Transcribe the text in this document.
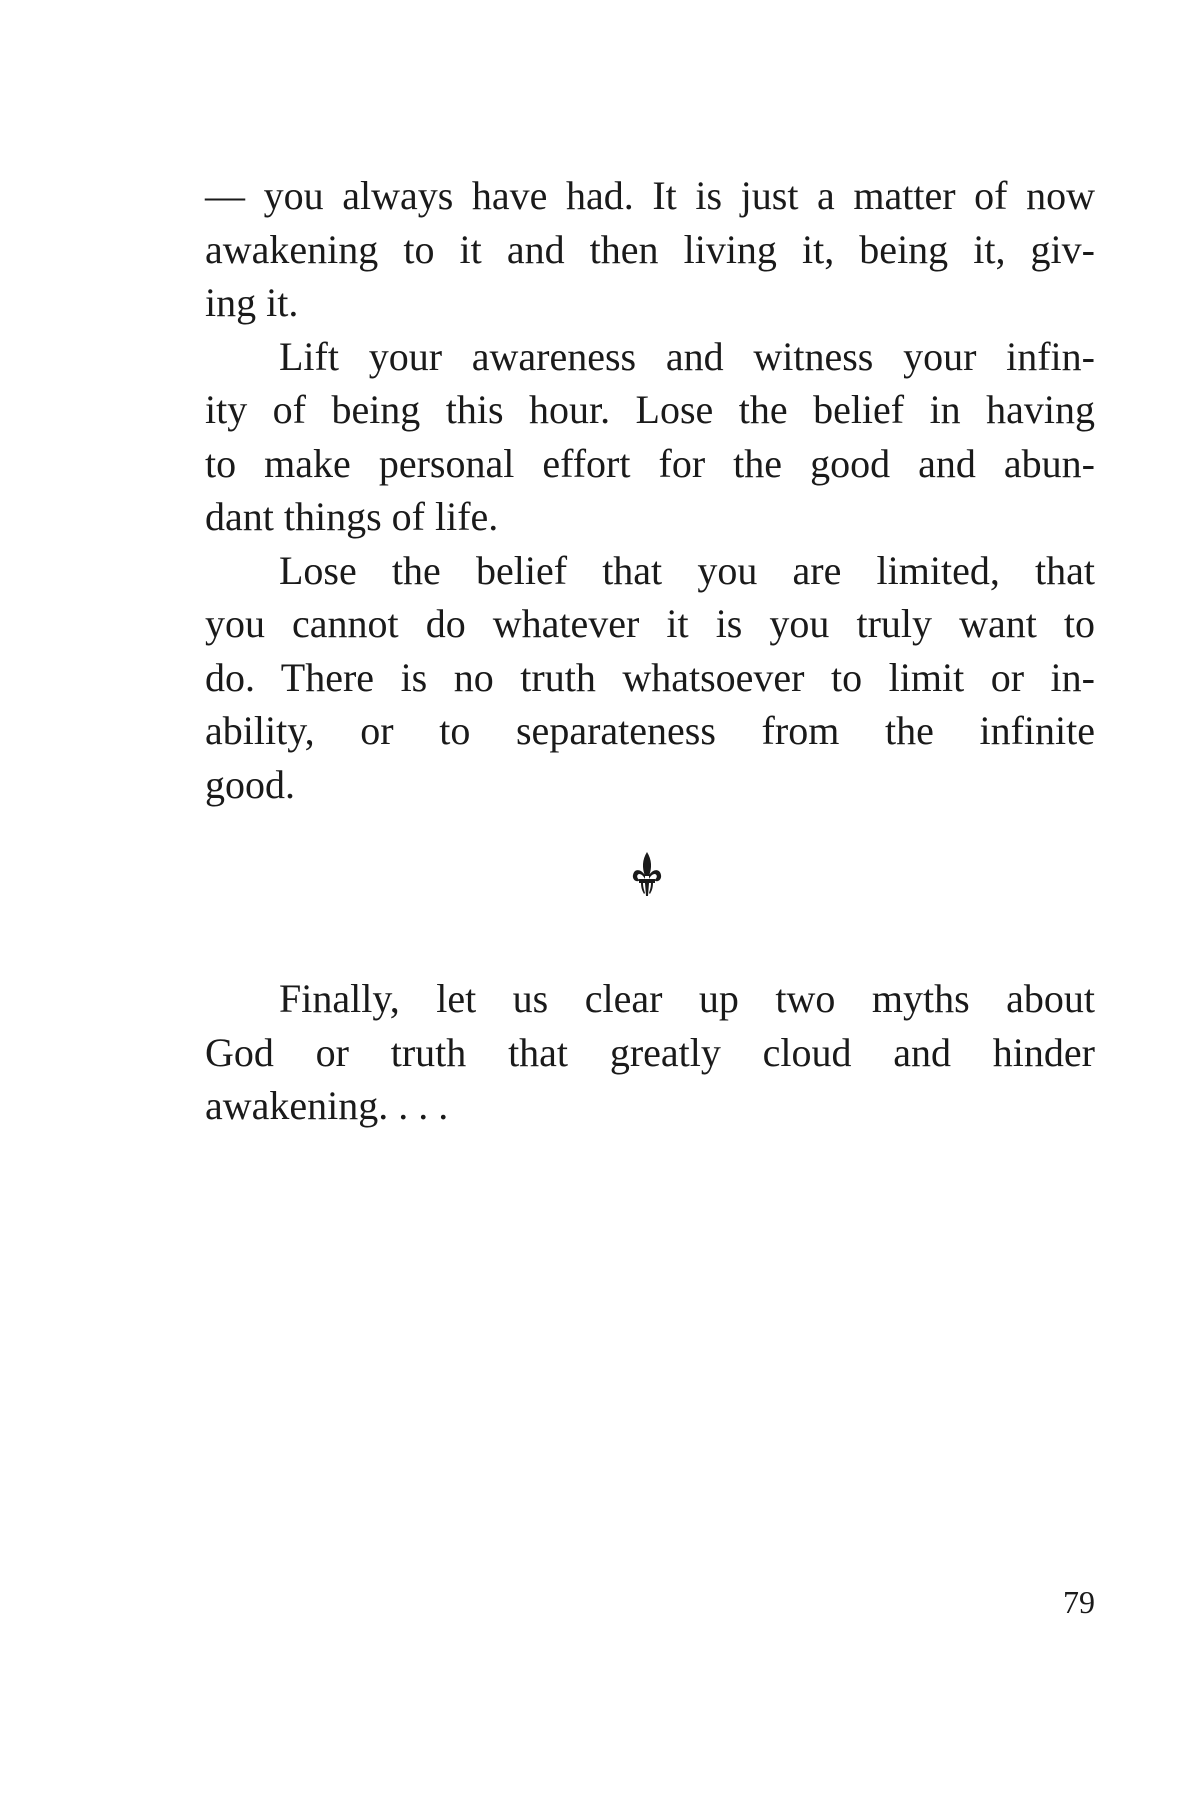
— you always have had. It is just a matter of now
awakening to it and then living it, being it, giv-
ing it.
Lift your awareness and witness your infin-
ity of being this hour. Lose the belief in having
to make personal effort for the good and abun-
dant things of life.
Lose the belief that you are limited, that
you cannot do whatever it is you truly want to
do. There is no truth whatsoever to limit or in-
ability, or to separateness from the infinite
good.
Finally, let us clear up two myths about
God or truth that greatly cloud and hinder
awakening. . . .
79
